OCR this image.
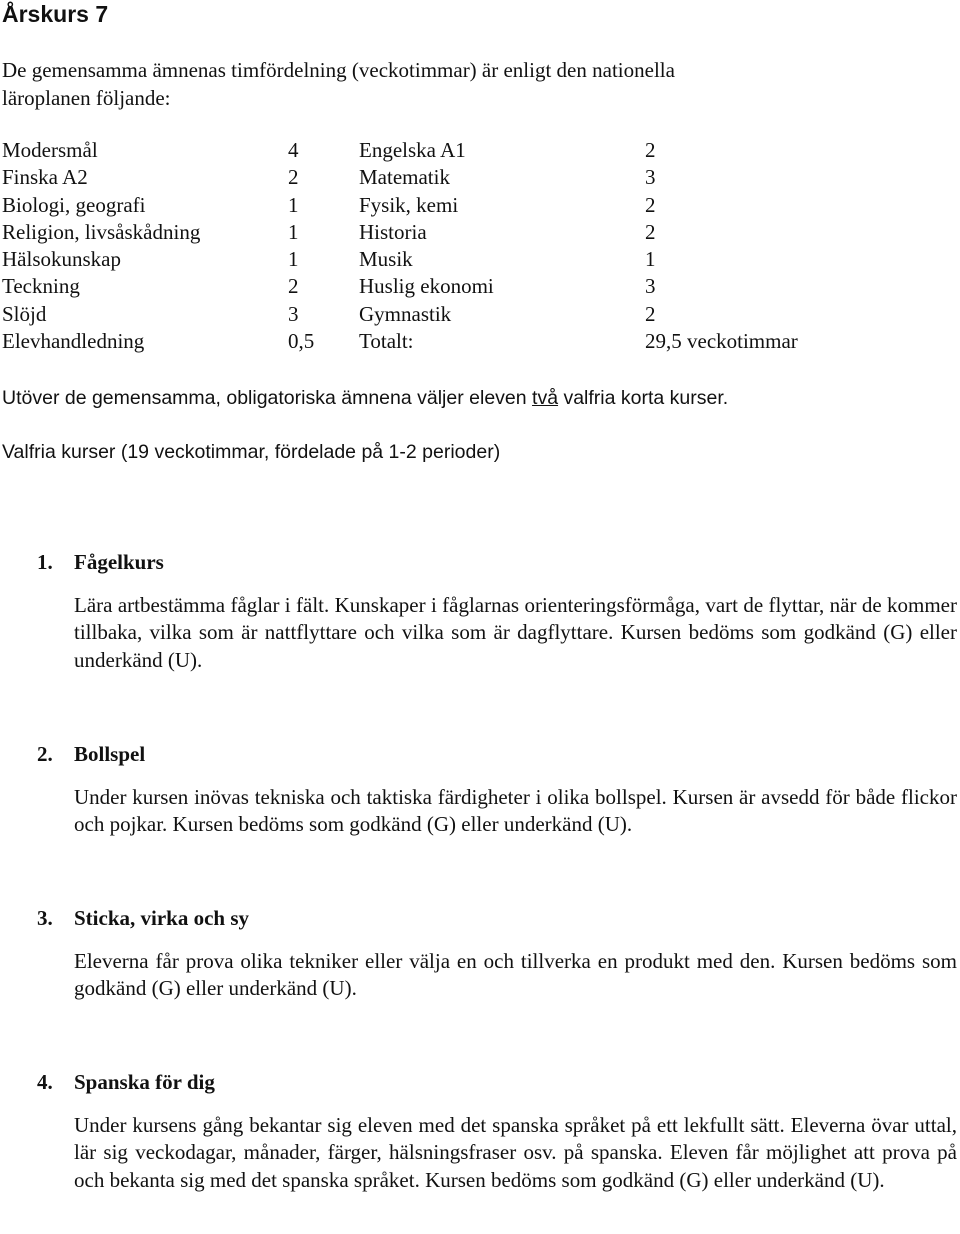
Årskurs 7

De gemensamma ämnenas timfördelning (veckotimmar) är enligt den nationella läroplanen följande:

Modersmål	4	Engelska A1	2
Finska A2	2	Matematik	3
Biologi, geografi	1	Fysik, kemi	2
Religion, livsåskådning	1	Historia	2
Hälsokunskap	1	Musik	1
Teckning	2	Huslig ekonomi	3
Slöjd	3	Gymnastik	2
Elevhandledning	0,5 Totalt:	29,5 veckotimmar

Utöver de gemensamma, obligatoriska ämnena väljer eleven två valfria korta kurser.

Valfria kurser (19 veckotimmar, fördelade på 1-2 perioder)

1. Fågelkurs

Lära artbestämma fåglar i fält. Kunskaper i fåglarnas orienteringsförmåga, vart de flyttar, när de kommer tillbaka, vilka som är nattflyttare och vilka som är dagflyttare. Kursen bedöms som godkänd (G) eller underkänd (U).

2. Bollspel

Under kursen inövas tekniska och taktiska färdigheter i olika bollspel. Kursen är avsedd för både flickor och pojkar. Kursen bedöms som godkänd (G) eller underkänd (U).

3. Sticka, virka och sy

Eleverna får prova olika tekniker eller välja en och tillverka en produkt med den. Kursen bedöms som godkänd (G) eller underkänd (U).

4. Spanska för dig

Under kursens gång bekantar sig eleven med det spanska språket på ett lekfullt sätt. Eleverna övar uttal, lär sig veckodagar, månader, färger, hälsningsfraser osv. på spanska. Eleven får möjlighet att prova på och bekanta sig med det spanska språket. Kursen bedöms som godkänd (G) eller underkänd (U).
